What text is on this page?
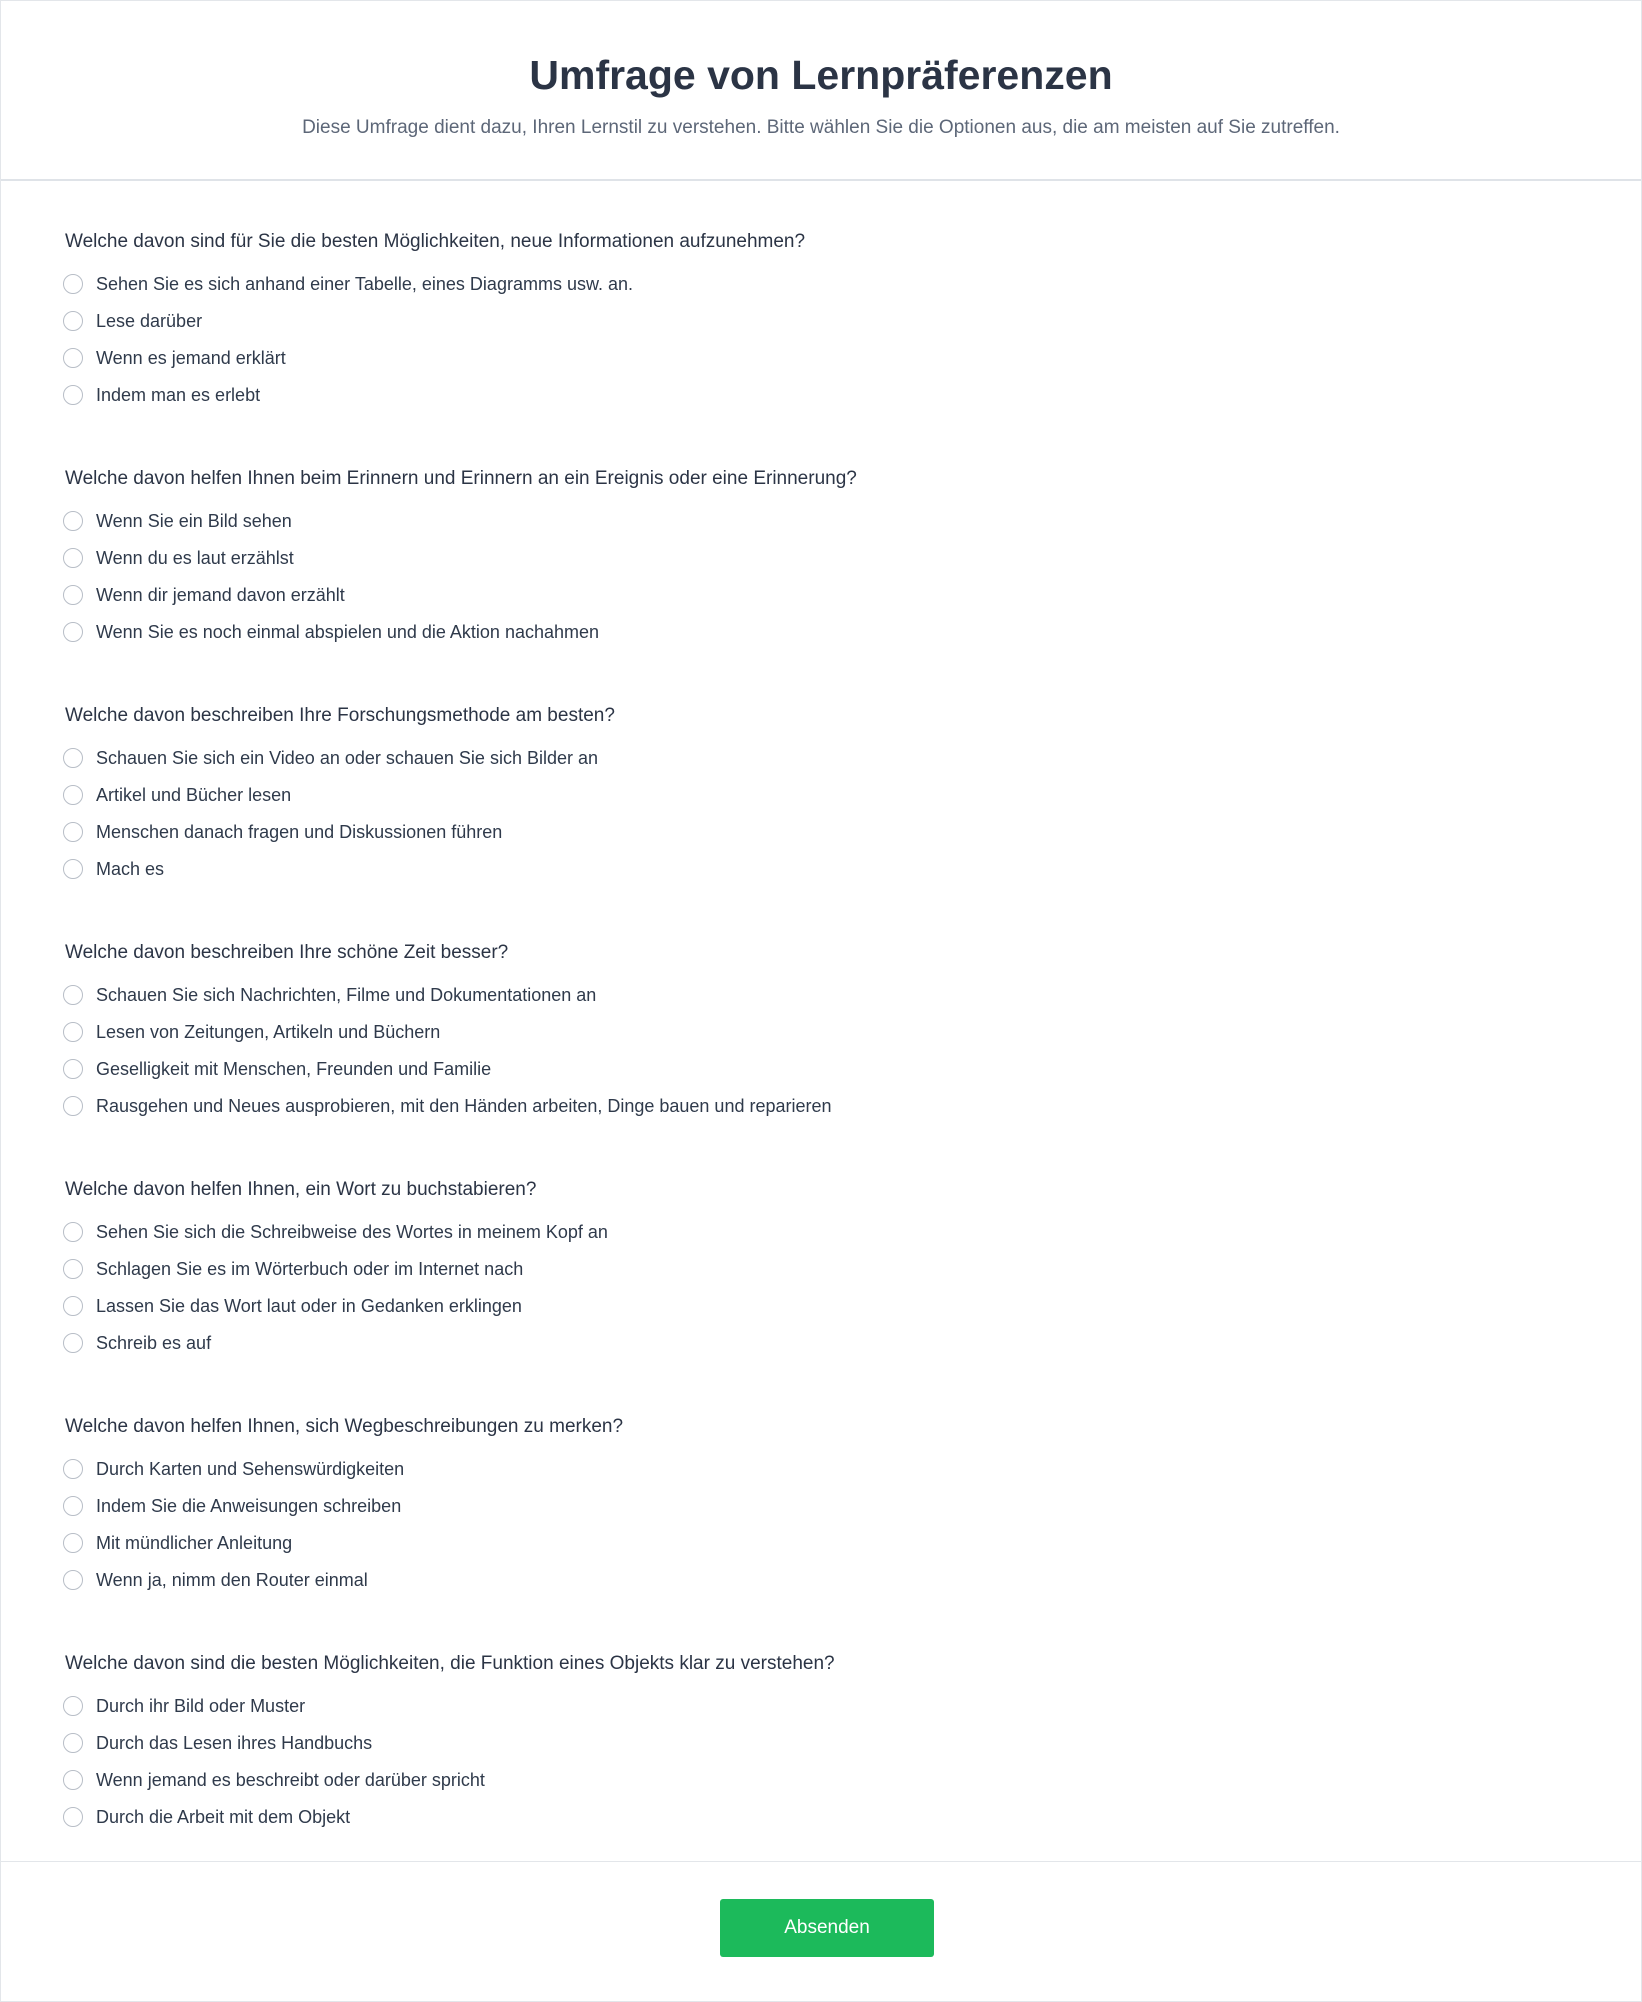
Umfrage von Lernpräferenzen
Diese Umfrage dient dazu, Ihren Lernstil zu verstehen. Bitte wählen Sie die Optionen aus, die am meisten auf Sie zutreffen.
Welche davon sind für Sie die besten Möglichkeiten, neue Informationen aufzunehmen?
Sehen Sie es sich anhand einer Tabelle, eines Diagramms usw. an.
Lese darüber
Wenn es jemand erklärt
Indem man es erlebt
Welche davon helfen Ihnen beim Erinnern und Erinnern an ein Ereignis oder eine Erinnerung?
Wenn Sie ein Bild sehen
Wenn du es laut erzählst
Wenn dir jemand davon erzählt
Wenn Sie es noch einmal abspielen und die Aktion nachahmen
Welche davon beschreiben Ihre Forschungsmethode am besten?
Schauen Sie sich ein Video an oder schauen Sie sich Bilder an
Artikel und Bücher lesen
Menschen danach fragen und Diskussionen führen
Mach es
Welche davon beschreiben Ihre schöne Zeit besser?
Schauen Sie sich Nachrichten, Filme und Dokumentationen an
Lesen von Zeitungen, Artikeln und Büchern
Geselligkeit mit Menschen, Freunden und Familie
Rausgehen und Neues ausprobieren, mit den Händen arbeiten, Dinge bauen und reparieren
Welche davon helfen Ihnen, ein Wort zu buchstabieren?
Sehen Sie sich die Schreibweise des Wortes in meinem Kopf an
Schlagen Sie es im Wörterbuch oder im Internet nach
Lassen Sie das Wort laut oder in Gedanken erklingen
Schreib es auf
Welche davon helfen Ihnen, sich Wegbeschreibungen zu merken?
Durch Karten und Sehenswürdigkeiten
Indem Sie die Anweisungen schreiben
Mit mündlicher Anleitung
Wenn ja, nimm den Router einmal
Welche davon sind die besten Möglichkeiten, die Funktion eines Objekts klar zu verstehen?
Durch ihr Bild oder Muster
Durch das Lesen ihres Handbuchs
Wenn jemand es beschreibt oder darüber spricht
Durch die Arbeit mit dem Objekt
Absenden
